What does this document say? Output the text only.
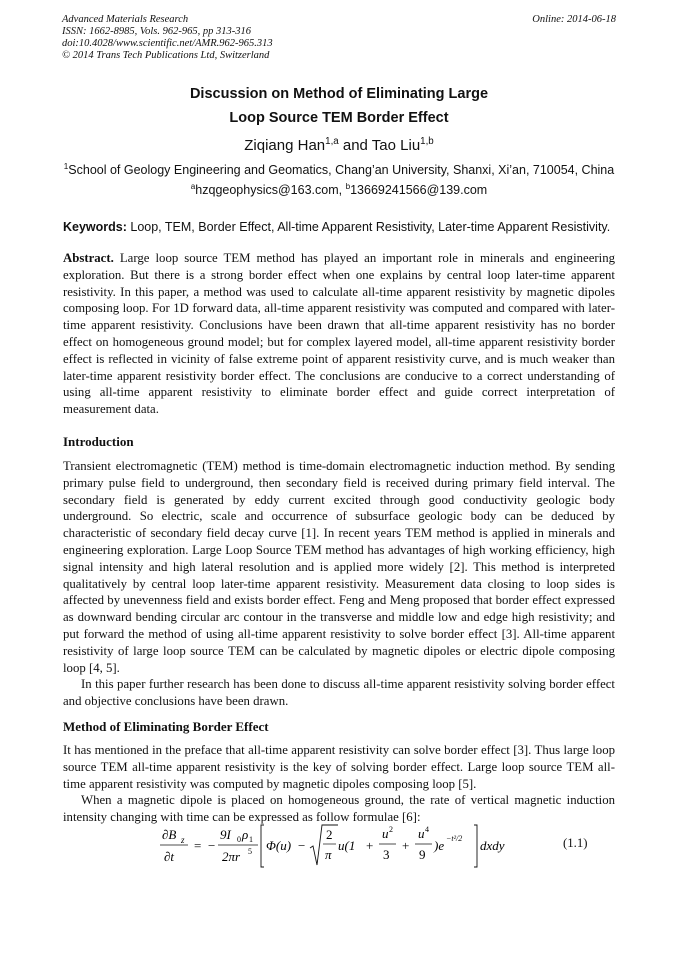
Advanced Materials Research
ISSN: 1662-8985, Vols. 962-965, pp 313-316
doi:10.4028/www.scientific.net/AMR.962-965.313
© 2014 Trans Tech Publications Ltd, Switzerland
Online: 2014-06-18
Discussion on Method of Eliminating Large
Loop Source TEM Border Effect
Ziqiang Han$^{1,a}$ and Tao Liu$^{1,b}$
$^1$School of Geology Engineering and Geomatics, Chang’an University, Shanxi, Xi’an, 710054, China
$^a$hzqgeophysics@163.com, $^b$13669241566@139.com
Keywords: Loop, TEM, Border Effect, All-time Apparent Resistivity, Later-time Apparent Resistivity.

Abstract. Large loop source TEM method has played an important role in minerals and engineering exploration. But there is a strong border effect when one explains by central loop later-time apparent resistivity. In this paper, a method was used to calculate all-time apparent resistivity by magnetic dipoles composing loop. For 1D forward data, all-time apparent resistivity was computed and compared with later-time apparent resistivity. Conclusions have been drawn that all-time apparent resistivity has no border effect on homogeneous ground model; but for complex layered model, all-time apparent resistivity border effect is reflected in vicinity of false extreme point of apparent resistivity curve, and is much weaker than later-time apparent resistivity border effect. The conclusions are conducive to a correct understanding of using all-time apparent resistivity to eliminate border effect and guide correct interpretation of measurement data.

Introduction

Transient electromagnetic (TEM) method is time-domain electromagnetic induction method. By sending primary pulse field to underground, then secondary field is received during primary field interval. The secondary field is generated by eddy current excited through good conductivity geologic body underground. So electric, scale and occurrence of subsurface geologic body can be deduced by characteristic of secondary field decay curve [1]. In recent years TEM method is applied in minerals and engineering exploration. Large Loop Source TEM method has advantages of high working efficiency, high signal intensity and high lateral resolution and is applied more widely [2]. This method is interpreted qualitatively by central loop later-time apparent resistivity. Measurement data closing to loop sides is affected by unevenness field and exists border effect. Feng and Meng proposed that border effect expressed as downward bending circular arc contour in the transverse and middle low and edge high resistivity; and put forward the method of using all-time apparent resistivity to solve border effect [3]. All-time apparent resistivity of large loop source TEM can be calculated by magnetic dipoles or electric dipole composing loop [4, 5].

In this paper further research has been done to discuss all-time apparent resistivity solving border effect and objective conclusions have been drawn.

Method of Eliminating Border Effect

It has mentioned in the preface that all-time apparent resistivity can solve border effect [3]. Thus large loop source TEM all-time apparent resistivity is the key of solving border effect. Large loop source TEM all-time apparent resistivity was computed by magnetic dipoles composing loop [5].

When a magnetic dipole is placed on homogeneous ground, the rate of vertical magnetic induction intensity changing with time can be expressed as follow formulae [6]:

∂B z
∂t
= −
9I 0 ρ 1
2πr 5 Φ(u) −
2
π
u(1 +
u 2
3
+
u 4
9
)e −t²/2 dxdy	(1.1)
